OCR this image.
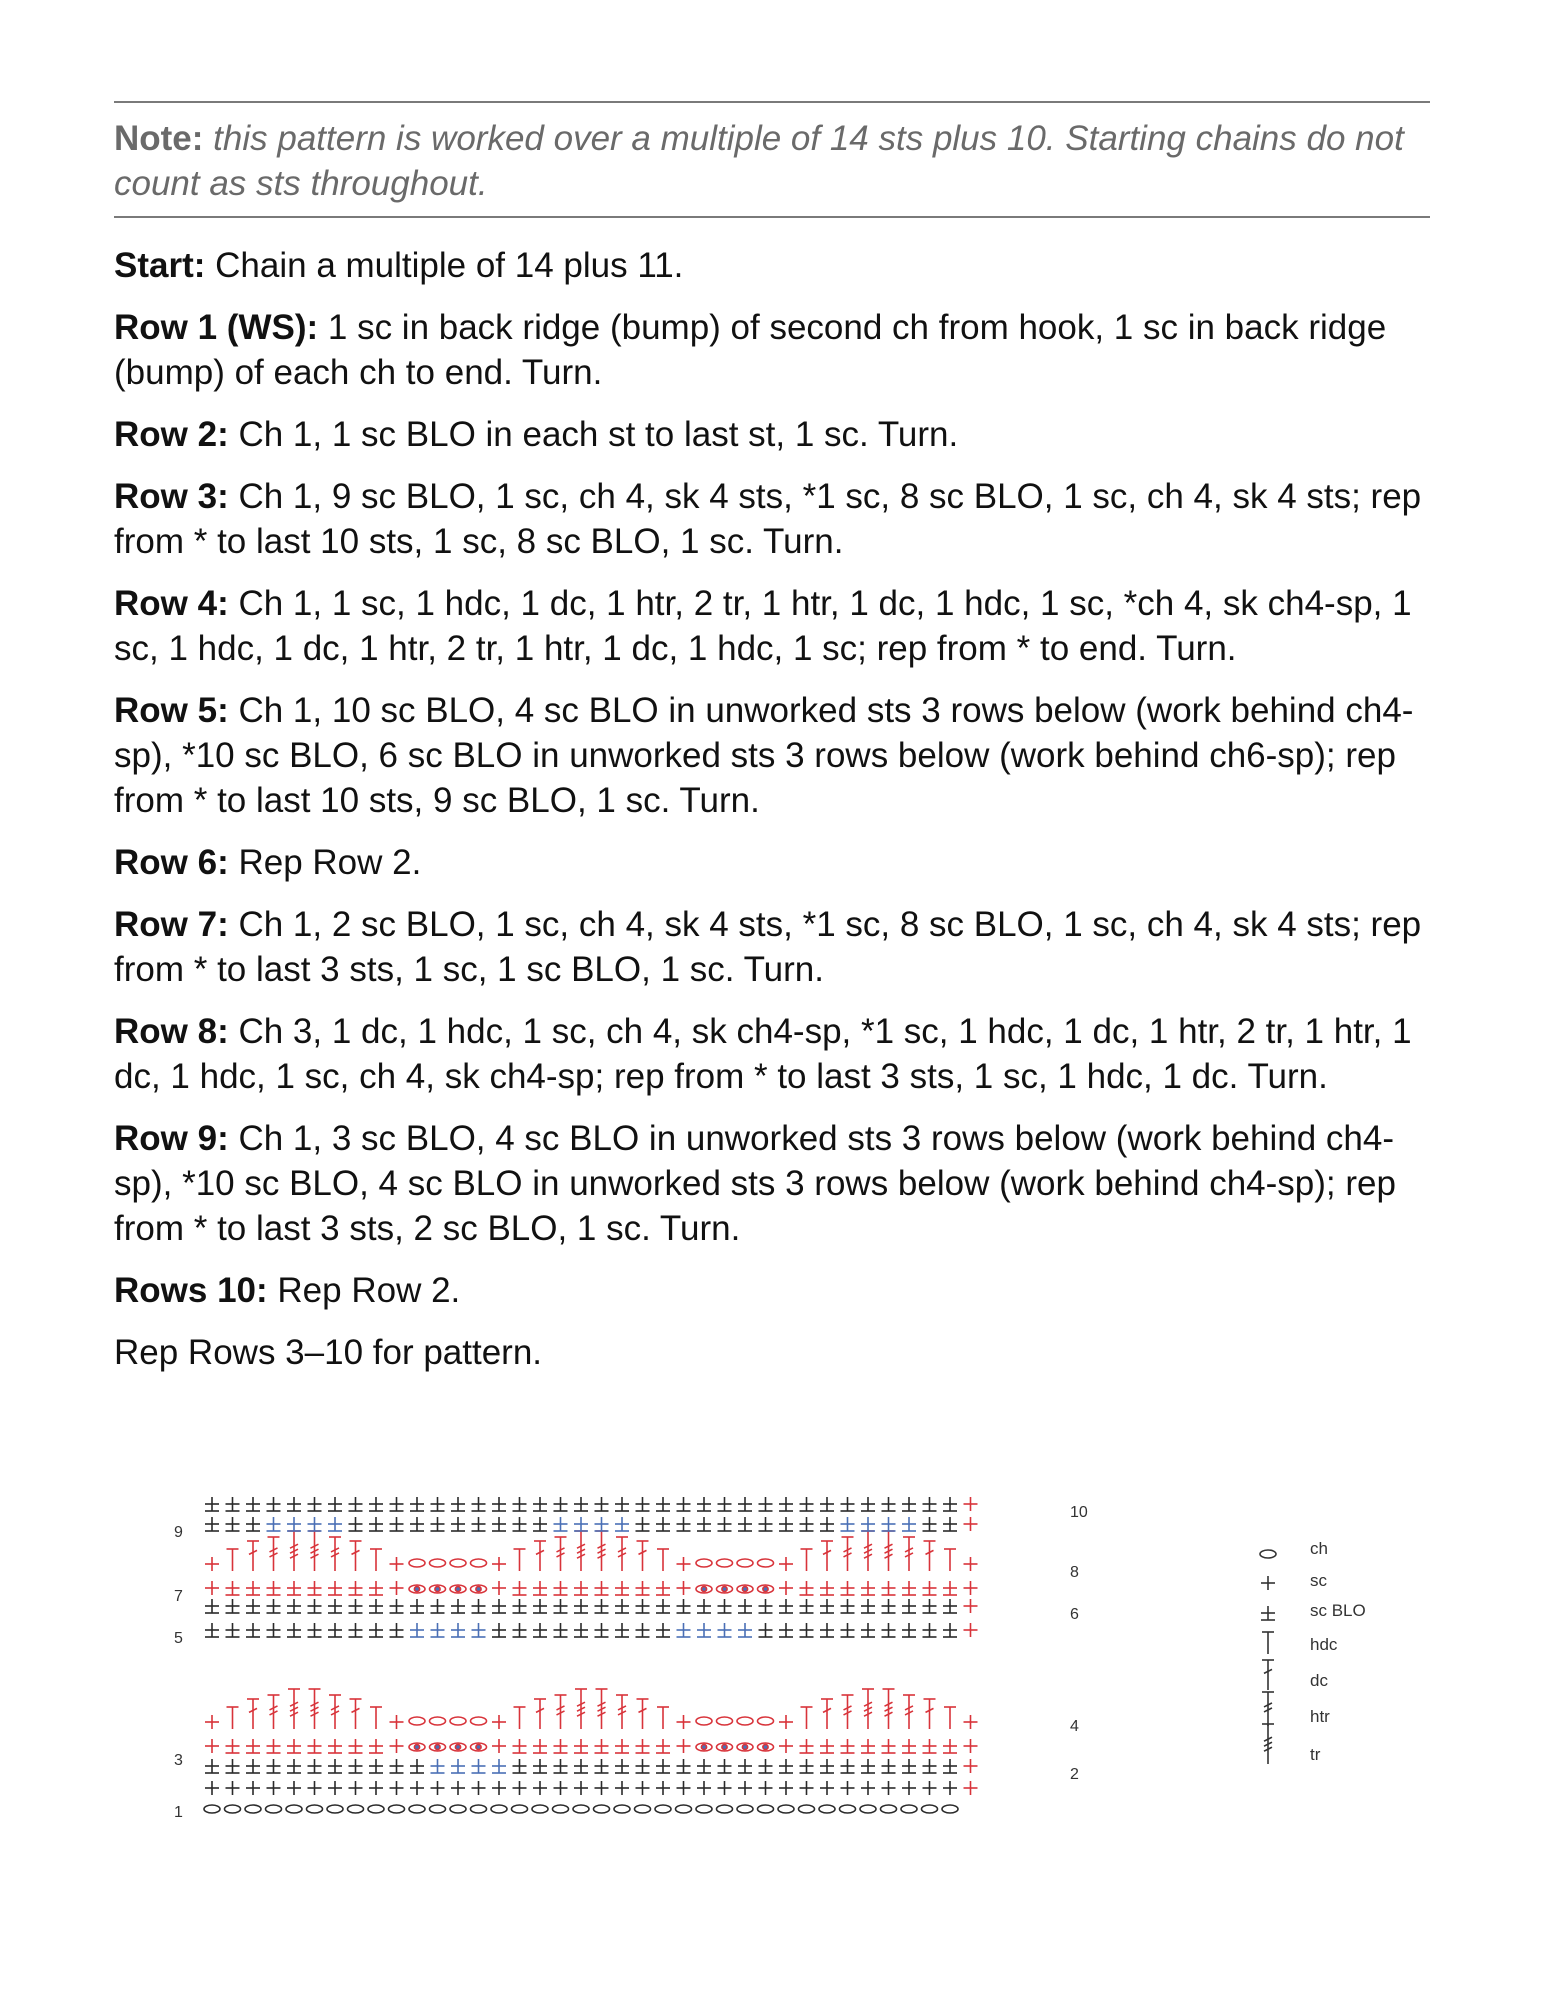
Note: this pattern is worked over a multiple of 14 sts plus 10. Starting chains do not count as sts throughout.

Start: Chain a multiple of 14 plus 11.

Row 1 (WS): 1 sc in back ridge (bump) of second ch from hook, 1 sc in back ridge (bump) of each ch to end. Turn.

Row 2: Ch 1, 1 sc BLO in each st to last st, 1 sc. Turn.

Row 3: Ch 1, 9 sc BLO, 1 sc, ch 4, sk 4 sts, *1 sc, 8 sc BLO, 1 sc, ch 4, sk 4 sts; rep from * to last 10 sts, 1 sc, 8 sc BLO, 1 sc. Turn.

Row 4: Ch 1, 1 sc, 1 hdc, 1 dc, 1 htr, 2 tr, 1 htr, 1 dc, 1 hdc, 1 sc, *ch 4, sk ch4-sp, 1 sc, 1 hdc, 1 dc, 1 htr, 2 tr, 1 htr, 1 dc, 1 hdc, 1 sc; rep from * to end. Turn.

Row 5: Ch 1, 10 sc BLO, 4 sc BLO in unworked sts 3 rows below (work behind ch4-sp), *10 sc BLO, 6 sc BLO in unworked sts 3 rows below (work behind ch6-sp); rep from * to last 10 sts, 9 sc BLO, 1 sc. Turn.

Row 6: Rep Row 2.

Row 7: Ch 1, 2 sc BLO, 1 sc, ch 4, sk 4 sts, *1 sc, 8 sc BLO, 1 sc, ch 4, sk 4 sts; rep from * to last 3 sts, 1 sc, 1 sc BLO, 1 sc. Turn.

Row 8: Ch 3, 1 dc, 1 hdc, 1 sc, ch 4, sk ch4-sp, *1 sc, 1 hdc, 1 dc, 1 htr, 2 tr, 1 htr, 1 dc, 1 hdc, 1 sc, ch 4, sk ch4-sp; rep from * to last 3 sts, 1 sc, 1 hdc, 1 dc. Turn.

Row 9: Ch 1, 3 sc BLO, 4 sc BLO in unworked sts 3 rows below (work behind ch4-sp), *10 sc BLO, 4 sc BLO in unworked sts 3 rows below (work behind ch4-sp); rep from * to last 3 sts, 2 sc BLO, 1 sc. Turn.

Rows 10: Rep Row 2.

Rep Rows 3–10 for pattern.

9
7
5
3
1
10
8
6
4
2
ch
sc
sc BLO
hdc
dc
htr
tr
